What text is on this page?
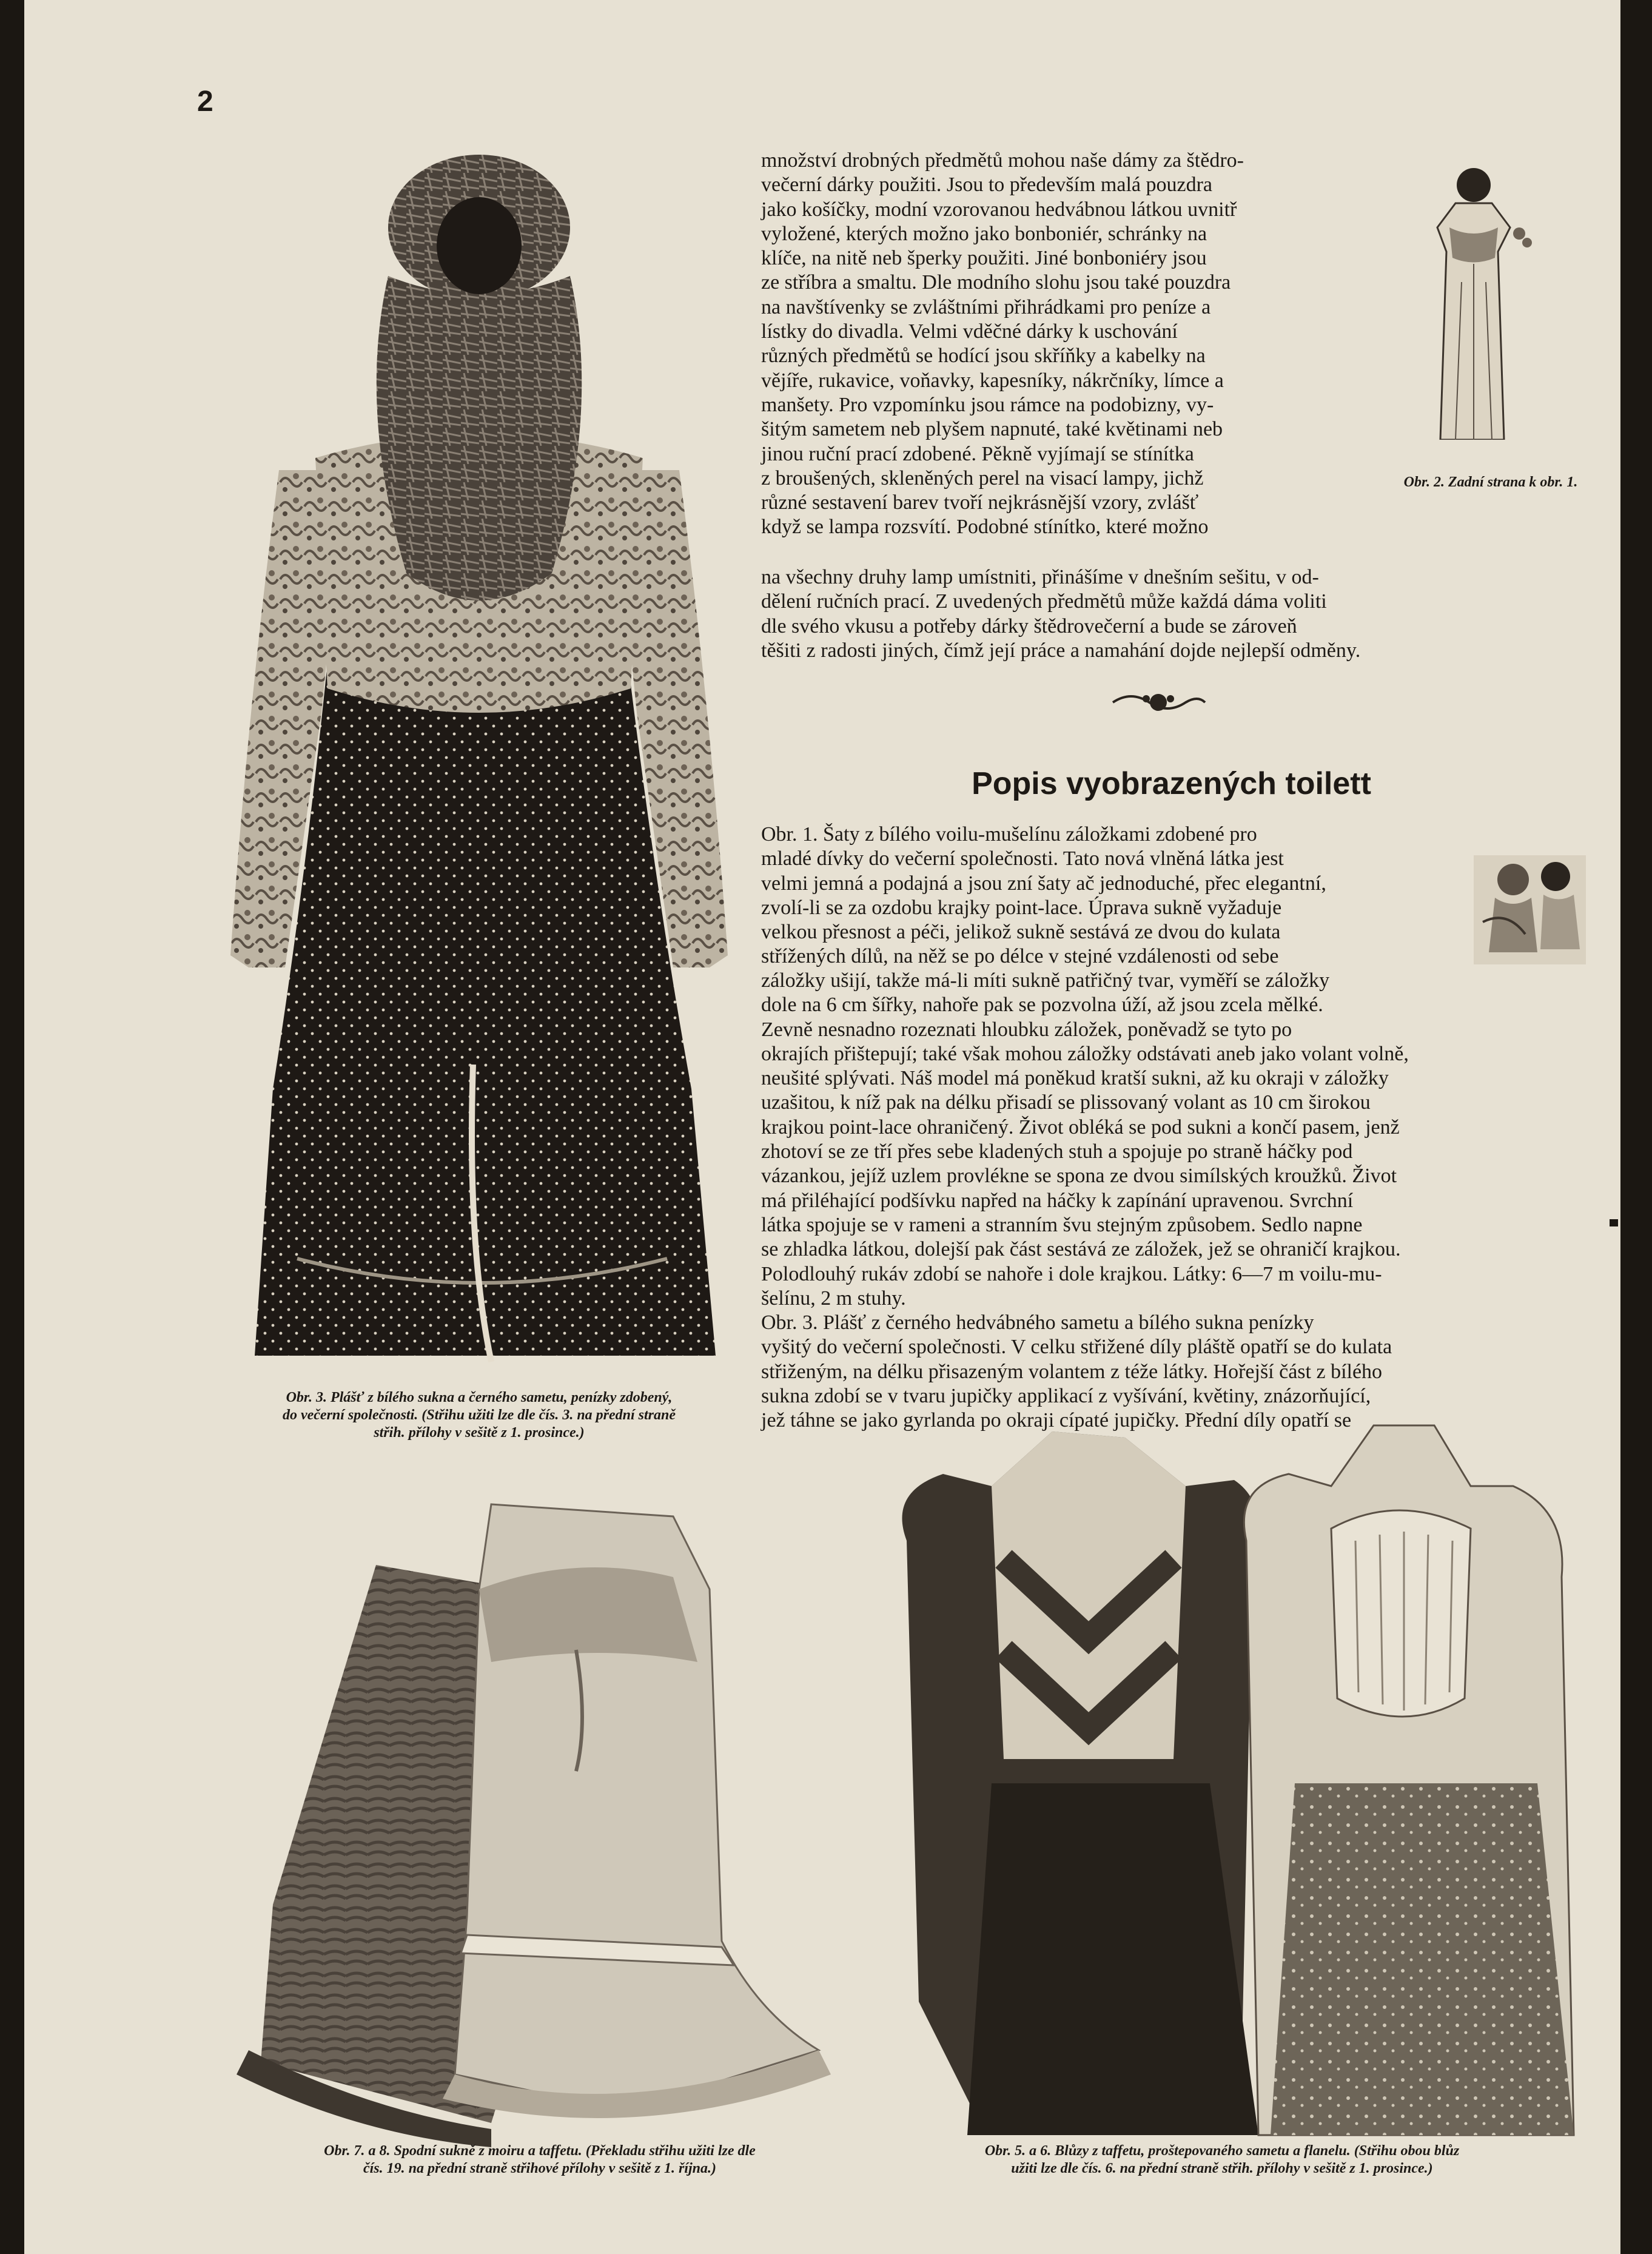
2
Obr. 3. Plášť z bílého sukna a černého sametu, penízky zdobený,
do večerní společnosti. (Střihu užiti lze dle čís. 3. na přední straně
střih. přílohy v sešitě z 1. prosince.)
množství drobných předmětů mohou naše dámy za štědro-
večerní dárky použiti. Jsou to především malá pouzdra
jako košíčky, modní vzorovanou hedvábnou látkou uvnitř
vyložené, kterých možno jako bonboniér, schránky na
klíče, na nitě neb šperky použiti. Jiné bonboniéry jsou
ze stříbra a smaltu. Dle modního slohu jsou také pouzdra
na navštívenky se zvláštními přihrádkami pro peníze a
lístky do divadla. Velmi vděčné dárky k uschování
různých předmětů se hodící jsou skříňky a kabelky na
vějíře, rukavice, voňavky, kapesníky, nákrčníky, límce a
manšety. Pro vzpomínku jsou rámce na podobizny, vy-
šitým sametem neb plyšem napnuté, také květinami neb
jinou ruční prací zdobené. Pěkně vyjímají se stínítka
z broušených, skleněných perel na visací lampy, jichž
různé sestavení barev tvoří nejkrásnější vzory, zvlášť
když se lampa rozsvítí. Podobné stínítko, které možno
na všechny druhy lamp umístniti, přinášíme v dnešním sešitu, v od-
dělení ručních prací. Z uvedených předmětů může každá dáma voliti
dle svého vkusu a potřeby dárky štědrovečerní a bude se zároveň
těšiti z radosti jiných, čímž její práce a namahání dojde nejlepší odměny.
Obr. 2. Zadní strana k obr. 1.
Popis vyobrazených toilett
Obr. 1. Šaty z bílého voilu-mušelínu záložkami zdobené pro
mladé dívky do večerní společnosti. Tato nová vlněná látka jest
velmi jemná a podajná a jsou zní šaty ač jednoduché, přec elegantní,
zvolí-li se za ozdobu krajky point-lace. Úprava sukně vyžaduje
velkou přesnost a péči, jelikož sukně sestává ze dvou do kulata
střížených dílů, na něž se po délce v stejné vzdálenosti od sebe
záložky ušijí, takže má-li míti sukně patřičný tvar, vyměří se záložky
dole na 6 cm šířky, nahoře pak se pozvolna úží, až jsou zcela mělké.
Zevně nesnadno rozeznati hloubku záložek, poněvadž se tyto po
okrajích přištepují; také však mohou záložky odstávati aneb jako volant volně,
neušité splývati. Náš model má poněkud kratší sukni, až ku okraji v záložky
uzašitou, k níž pak na délku přisadí se plissovaný volant as 10 cm širokou
krajkou point-lace ohraničený. Život obléká se pod sukni a končí pasem, jenž
zhotoví se ze tří přes sebe kladených stuh a spojuje po straně háčky pod
vázankou, jejíž uzlem provlékne se spona ze dvou simílských kroužků. Život
má přiléhající podšívku napřed na háčky k zapínání upravenou. Svrchní
látka spojuje se v rameni a stranním švu stejným způsobem. Sedlo napne
se zhladka látkou, dolejší pak část sestává ze záložek, jež se ohraničí krajkou.
Polodlouhý rukáv zdobí se nahoře i dole krajkou. Látky: 6—7 m voilu-mu-
šelínu, 2 m stuhy.
Obr. 3. Plášť z černého hedvábného sametu a bílého sukna penízky
vyšitý do večerní společnosti. V celku střižené díly pláště opatří se do kulata
střiženým, na délku přisazeným volantem z téže látky. Hořejší část z bílého
sukna zdobí se v tvaru jupičky applikací z vyšívání, květiny, znázorňující,
jež táhne se jako gyrlanda po okraji cípaté jupičky. Přední díly opatří se
Obr. 7. a 8. Spodní sukně z moiru a taffetu. (Překladu střihu užiti lze dle
čís. 19. na přední straně střihové přílohy v sešitě z 1. října.)
Obr. 5. a 6. Blůzy z taffetu, proštepovaného sametu a flanelu. (Střihu obou blůz
užiti lze dle čís. 6. na přední straně střih. přílohy v sešitě z 1. prosince.)
